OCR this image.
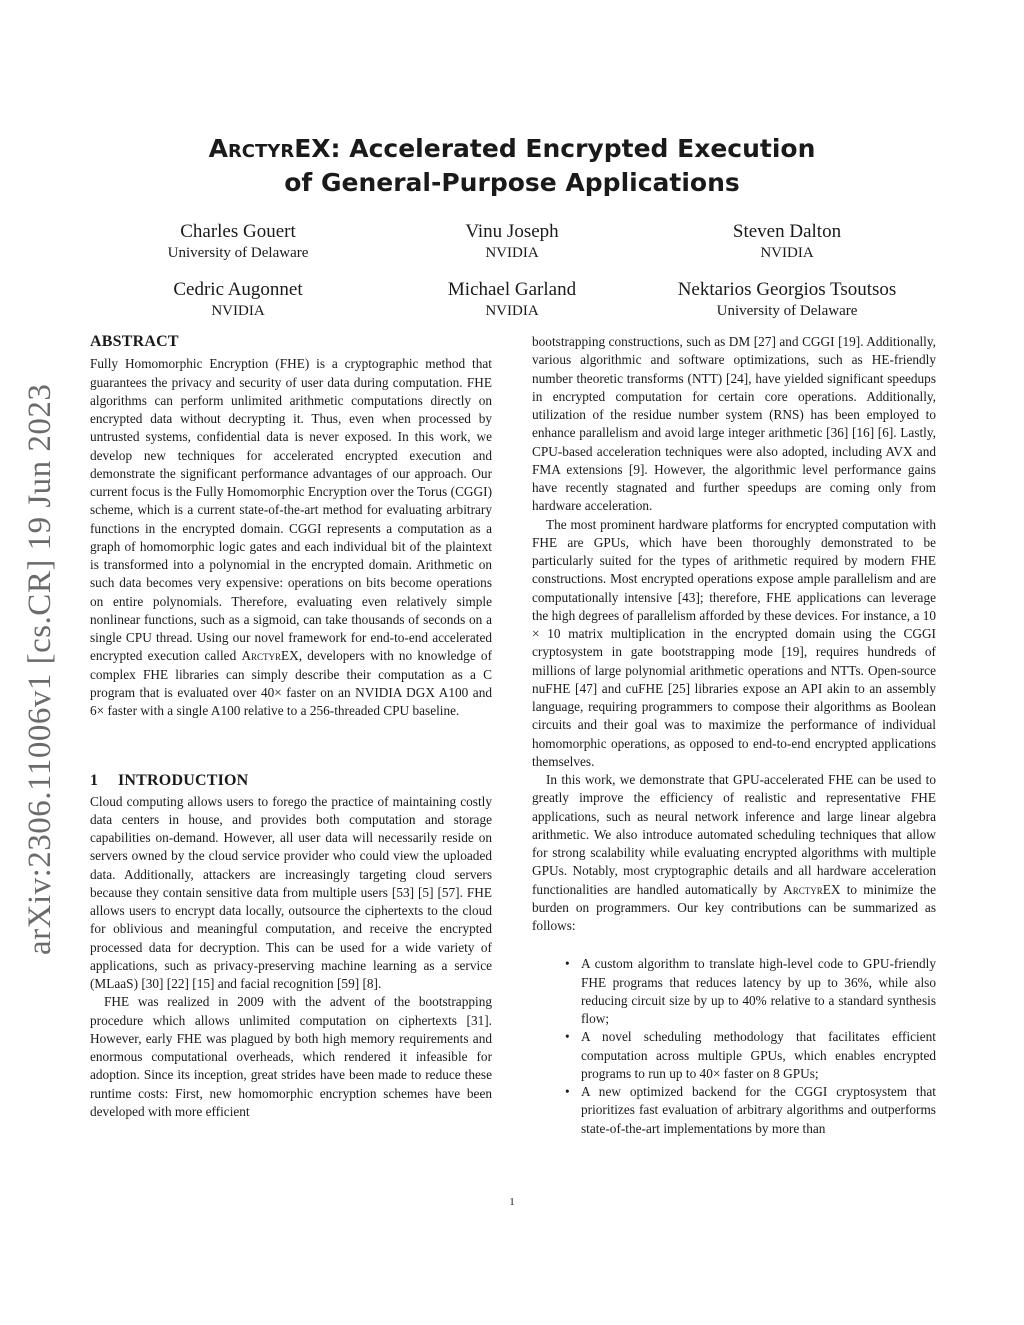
arXiv:2306.11006v1 [cs.CR] 19 Jun 2023
ArctyrEX: Accelerated Encrypted Execution
of General-Purpose Applications
Charles Gouert
University of Delaware
Vinu Joseph
NVIDIA
Steven Dalton
NVIDIA
Cedric Augonnet
NVIDIA
Michael Garland
NVIDIA
Nektarios Georgios Tsoutsos
University of Delaware
ABSTRACT

Fully Homomorphic Encryption (FHE) is a cryptographic method that guarantees the privacy and security of user data during computation. FHE algorithms can perform unlimited arithmetic computations directly on encrypted data without decrypting it. Thus, even when processed by untrusted systems, confidential data is never exposed. In this work, we develop new techniques for accelerated encrypted execution and demonstrate the significant performance advantages of our approach. Our current focus is the Fully Homomorphic Encryption over the Torus (CGGI) scheme, which is a current state-of-the-art method for evaluating arbitrary functions in the encrypted domain. CGGI represents a computation as a graph of homomorphic logic gates and each individual bit of the plaintext is transformed into a polynomial in the encrypted domain. Arithmetic on such data becomes very expensive: operations on bits become operations on entire polynomials. Therefore, evaluating even relatively simple nonlinear functions, such as a sigmoid, can take thousands of seconds on a single CPU thread. Using our novel framework for end-to-end accelerated encrypted execution called ArctyrEX, developers with no knowledge of complex FHE libraries can simply describe their computation as a C program that is evaluated over 40× faster on an NVIDIA DGX A100 and 6× faster with a single A100 relative to a 256-threaded CPU baseline.

1 INTRODUCTION

Cloud computing allows users to forego the practice of maintaining costly data centers in house, and provides both computation and storage capabilities on-demand. However, all user data will necessarily reside on servers owned by the cloud service provider who could view the uploaded data. Additionally, attackers are increasingly targeting cloud servers because they contain sensitive data from multiple users [53] [5] [57]. FHE allows users to encrypt data locally, outsource the ciphertexts to the cloud for oblivious and meaningful computation, and receive the encrypted processed data for decryption. This can be used for a wide variety of applications, such as privacy-preserving machine learning as a service (MLaaS) [30] [22] [15] and facial recognition [59] [8].

FHE was realized in 2009 with the advent of the bootstrapping procedure which allows unlimited computation on ciphertexts [31]. However, early FHE was plagued by both high memory requirements and enormous computational overheads, which rendered it infeasible for adoption. Since its inception, great strides have been made to reduce these runtime costs: First, new homomorphic encryption schemes have been developed with more efficient

bootstrapping constructions, such as DM [27] and CGGI [19]. Additionally, various algorithmic and software optimizations, such as HE-friendly number theoretic transforms (NTT) [24], have yielded significant speedups in encrypted computation for certain core operations. Additionally, utilization of the residue number system (RNS) has been employed to enhance parallelism and avoid large integer arithmetic [36] [16] [6]. Lastly, CPU-based acceleration techniques were also adopted, including AVX and FMA extensions [9]. However, the algorithmic level performance gains have recently stagnated and further speedups are coming only from hardware acceleration.

The most prominent hardware platforms for encrypted computation with FHE are GPUs, which have been thoroughly demonstrated to be particularly suited for the types of arithmetic required by modern FHE constructions. Most encrypted operations expose ample parallelism and are computationally intensive [43]; therefore, FHE applications can leverage the high degrees of parallelism afforded by these devices. For instance, a 10 × 10 matrix multiplication in the encrypted domain using the CGGI cryptosystem in gate bootstrapping mode [19], requires hundreds of millions of large polynomial arithmetic operations and NTTs. Open-source nuFHE [47] and cuFHE [25] libraries expose an API akin to an assembly language, requiring programmers to compose their algorithms as Boolean circuits and their goal was to maximize the performance of individual homomorphic operations, as opposed to end-to-end encrypted applications themselves.

In this work, we demonstrate that GPU-accelerated FHE can be used to greatly improve the efficiency of realistic and representative FHE applications, such as neural network inference and large linear algebra arithmetic. We also introduce automated scheduling techniques that allow for strong scalability while evaluating encrypted algorithms with multiple GPUs. Notably, most cryptographic details and all hardware acceleration functionalities are handled automatically by ArctyrEX to minimize the burden on programmers. Our key contributions can be summarized as follows:

• A custom algorithm to translate high-level code to GPU-friendly FHE programs that reduces latency by up to 36%, while also reducing circuit size by up to 40% relative to a standard synthesis flow;
• A novel scheduling methodology that facilitates efficient computation across multiple GPUs, which enables encrypted programs to run up to 40× faster on 8 GPUs;
• A new optimized backend for the CGGI cryptosystem that prioritizes fast evaluation of arbitrary algorithms and outperforms state-of-the-art implementations by more than
1
